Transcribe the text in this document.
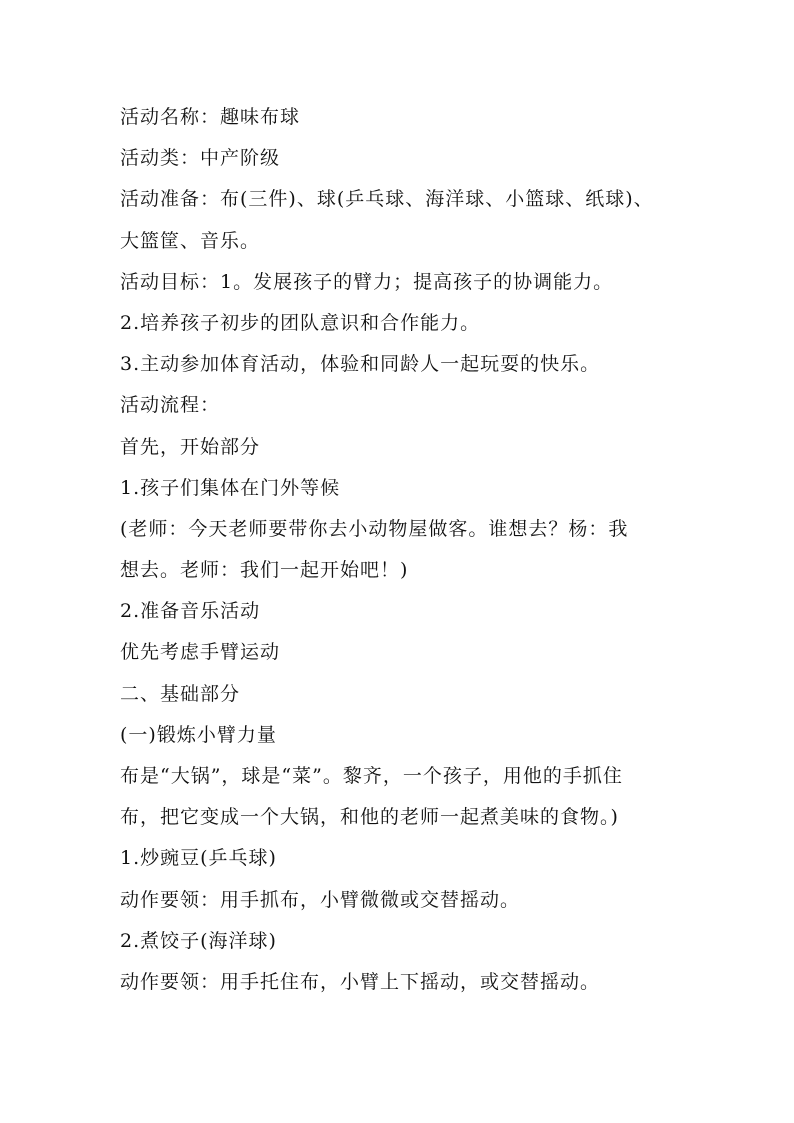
活动名称：趣味布球
活动类：中产阶级
活动准备：布(三件)、球(乒乓球、海洋球、小篮球、纸球)、
大篮筐、音乐。
活动目标：1。发展孩子的臂力；提高孩子的协调能力。
2.培养孩子初步的团队意识和合作能力。
3.主动参加体育活动，体验和同龄人一起玩耍的快乐。
活动流程：
首先，开始部分
1.孩子们集体在门外等候
(老师：今天老师要带你去小动物屋做客。谁想去？杨：我
想去。老师：我们一起开始吧！)
2.准备音乐活动
优先考虑手臂运动
二、基础部分
(一)锻炼小臂力量
布是“大锅”，球是“菜”。黎齐，一个孩子，用他的手抓住
布，把它变成一个大锅，和他的老师一起煮美味的食物。)
1.炒豌豆(乒乓球)
动作要领：用手抓布，小臂微微或交替摇动。
2.煮饺子(海洋球)
动作要领：用手托住布，小臂上下摇动，或交替摇动。
